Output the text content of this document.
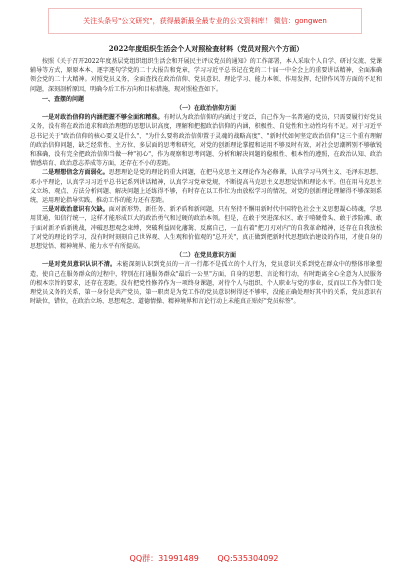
关注头条号"公文研究"，获得最新最全最专业的公文资料库！ 微信：gongwen
2022年度组织生活会个人对照检查材料（党员对照六个方面）

按照《关于召开2022年度基层党组织组织生活会和开展民主评议党员的通知》的工作部署，本人采取个人自学、研讨交流、党课辅导等方式，原原本本、逐字逐句学党的二十大报告和党章，学习习近平总书记在党的二十届一中全会上的重要讲话精神，全面准确领会党的二十大精神。对照党员义务，全面查找在政治信仰、党员意识、理论学习、能力本领、作用发挥、纪律作风等方面的不足和问题，深刻剖析原因，明确今后工作方向和目标措施，现对照检查如下。

一、查摆的问题
（一）在政治信仰方面

一是对政治信仰的内涵把握不够全面和精准。有时认为政治信仰的内涵过于宽泛，自己作为一名普通的党员，只需要履行好党员义务，没有将在政治追求和政治理想的思想认识高度，理解和把握政治信仰的内涵，积极性、自觉性和主动性均有不足。对于习近平总书记关于"政治信仰的核心要义是什么"、"为什么要将政治信仰置于灵魂的战略高度"、"新时代如何坚定政治信仰"这三个重有理解的政治信仰问题，缺乏经常性、主方位、多层面的思考和研究，对党的创新理论掌握和运用不够及时有效，对社会思潮辨别不够敏锐和准确，没有完全把政治信仰当做一种"初心"，作为观察和思考问题、分析和解决问题的稳根性、根本性的遵照，在政治认知、政治情感培育、政治意志养成等方面，还存在不小的差距。

二是理想信念方面弱化。思想理论是党的理论的重大问题，在把马克思主义理论作为必修课，认真学习马列主义、毛泽东思想、邓小平理论，认真学习习近平总书记系列讲话精神，认真学习党章党规，不断提高马克思主义思想觉悟和理论水平。但在用马克思主义立场、观点、方法分析问题、解决问题上还练得不够，有时存在以工作忙为由放松学习的情况，对党的创新理论理解得不够深刻系统，运用理论指导实践、推动工作的能力还有差距。

三是对政治意识有欠缺。面对新形势、新任务、新矛盾和新问题，只有坚持不懈用新时代中国特色社会主义思想凝心铸魂，学思用贯通，知信行统一，这样才能形成巨大的政治勇气和过硬的政治本领。但是，在敢于突进深水区、敢于啃硬骨头、敢于涉险滩、敢于面对新矛盾新挑战，冲破思想观念束缚，突破利益固化藩篱、反腐自己，一直有着"把刀刃对内"的自我革命精神，还存在自我放松了对党的理论的学习，没有时时刻刻自己世界观、人生观和价值观的"总开关"，真正做到把新时代思想政治建设的作用，才使自身的思想觉悟、精神境界、能力水平有所提高。

（二）在党员意识方面

一是对党员意识认识不清。未能深刻认识到党员的一言一行都不是孤立的个人行为，党员意识关系到党在群众中的整体形象塑造，使自己在服务群众的过程中，特别在打通服务群众"最后一公里"方面，自身的思想、言论和行动，有时距离全心全意为人民服务的根本宗旨的要求，还存在差距，没有把党性修养作为一项终身课题，对待个人与组织、个人职业与党的事业，反而以工作为借口处理党员义务的关系，第一身份是共产党员，第一职责是为党工作的党员意识树得还不够牢，没能正确处理好其中的关系，党员意识有时缺位，错位，在政治立场、思想观念、道德情操、精神境界和言论行动上未能真正贴好"党员标签"。

QQ群：31991489 QQ:535304092
